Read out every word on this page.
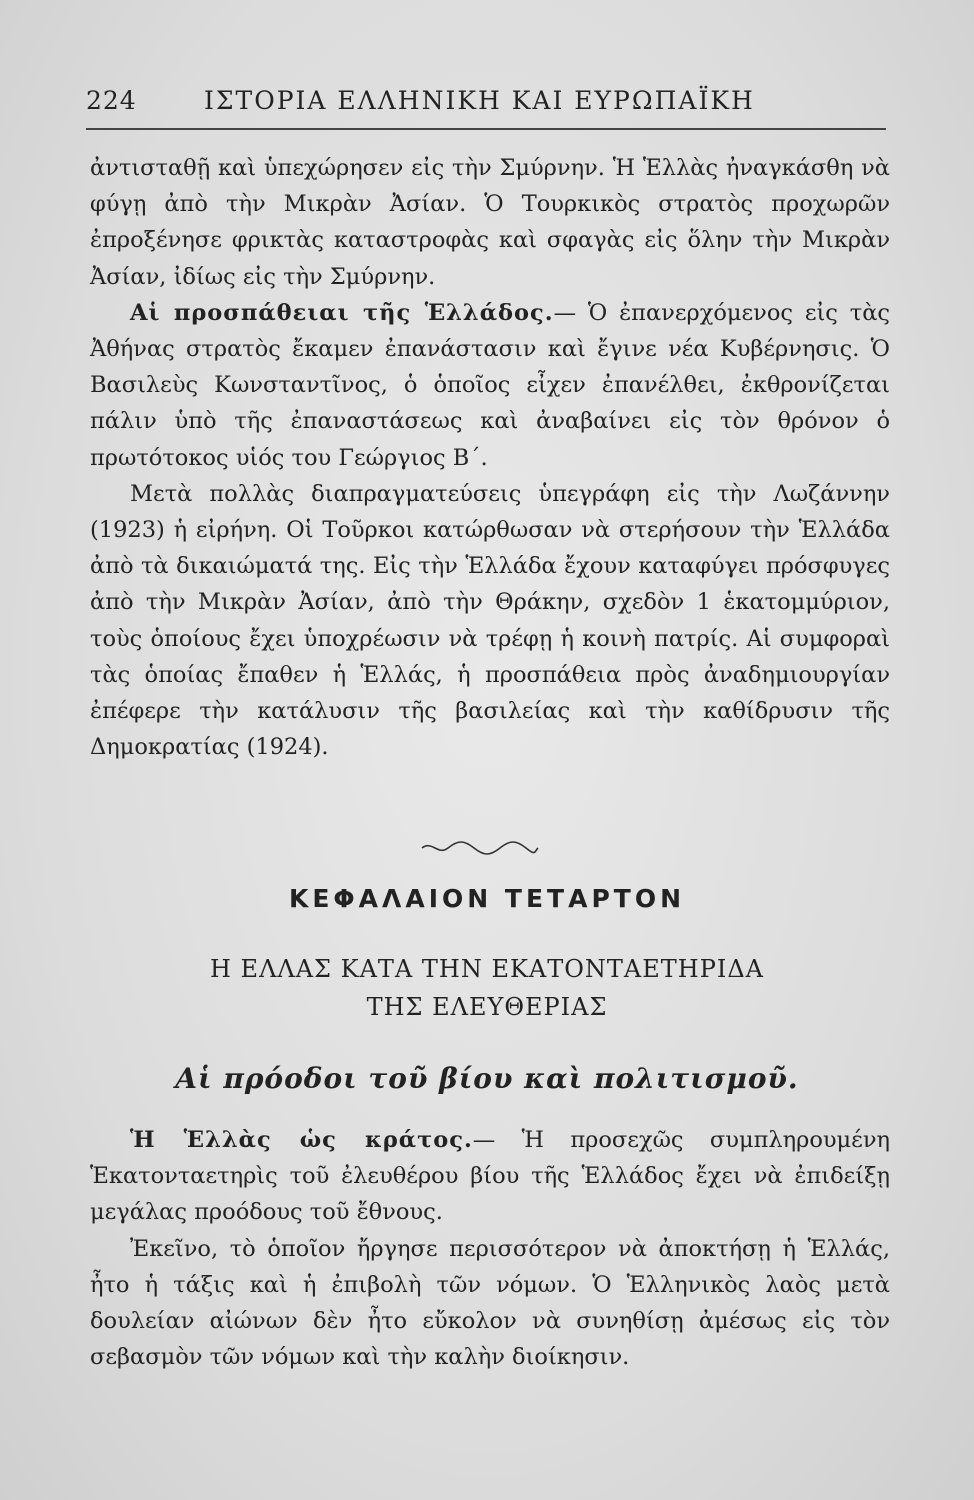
224	ΙΣΤΟΡΙΑ ΕΛΛΗΝΙΚΗ ΚΑΙ ΕΥΡΩΠΑΪΚΗ

ἀντισταθῇ καὶ ὑπεχώρησεν εἰς τὴν Σμύρνην. Ἡ Ἑλλὰς ἠναγκάσθη νὰ φύγῃ ἀπὸ τὴν Μικρὰν Ἀσίαν. Ὁ Τουρκικὸς στρατὸς προχωρῶν ἐπροξένησε φρικτὰς καταστροφὰς καὶ σφαγὰς εἰς ὅλην τὴν Μικρὰν Ἀσίαν, ἰδίως εἰς τὴν Σμύρνην.

Αἱ προσπάθειαι τῆς Ἑλλάδος.— Ὁ ἐπανερχόμενος εἰς τὰς Ἀθήνας στρατὸς ἔκαμεν ἐπανάστασιν καὶ ἔγινε νέα Κυβέρνησις. Ὁ Βασιλεὺς Κωνσταντῖνος, ὁ ὁποῖος εἶχεν ἐπανέλθει, ἐκθρονίζεται πάλιν ὑπὸ τῆς ἐπαναστάσεως καὶ ἀναβαίνει εἰς τὸν θρόνον ὁ πρωτότοκος υἱός του Γεώργιος Β΄.

Μετὰ πολλὰς διαπραγματεύσεις ὑπεγράφη εἰς τὴν Λωζάννην (1923) ἡ εἰρήνη. Οἱ Τοῦρκοι κατώρθωσαν νὰ στερήσουν τὴν Ἑλλάδα ἀπὸ τὰ δικαιώματά της. Εἰς τὴν Ἑλλάδα ἔχουν καταφύγει πρόσφυγες ἀπὸ τὴν Μικρὰν Ἀσίαν, ἀπὸ τὴν Θράκην, σχεδὸν 1 ἑκατομμύριον, τοὺς ὁποίους ἔχει ὑποχρέωσιν νὰ τρέφῃ ἡ κοινὴ πατρίς. Αἱ συμφοραὶ τὰς ὁποίας ἔπαθεν ἡ Ἑλλάς, ἡ προσπάθεια πρὸς ἀναδημιουργίαν ἐπέφερε τὴν κατάλυσιν τῆς βασιλείας καὶ τὴν καθίδρυσιν τῆς Δημοκρατίας (1924).

ΚΕΦΑΛΑΙΟΝ ΤΕΤΑΡΤΟΝ
Η ΕΛΛΑΣ ΚΑΤΑ ΤΗΝ ΕΚΑΤΟΝΤΑΕΤΗΡΙΔΑ
ΤΗΣ ΕΛΕΥΘΕΡΙΑΣ
Αἱ πρόοδοι τοῦ βίου καὶ πολιτισμοῦ.

Ἡ Ἑλλὰς ὡς κράτος.— Ἡ προσεχῶς συμπληρουμένη Ἑκατονταετηρὶς τοῦ ἐλευθέρου βίου τῆς Ἑλλάδος ἔχει νὰ ἐπιδείξῃ μεγάλας προόδους τοῦ ἔθνους.

Ἐκεῖνο, τὸ ὁποῖον ἤργησε περισσότερον νὰ ἀποκτήσῃ ἡ Ἑλλάς, ἦτο ἡ τάξις καὶ ἡ ἐπιβολὴ τῶν νόμων. Ὁ Ἑλληνικὸς λαὸς μετὰ δουλείαν αἰώνων δὲν ἦτο εὔκολον νὰ συνηθίσῃ ἀμέσως εἰς τὸν σεβασμὸν τῶν νόμων καὶ τὴν καλὴν διοίκησιν.
